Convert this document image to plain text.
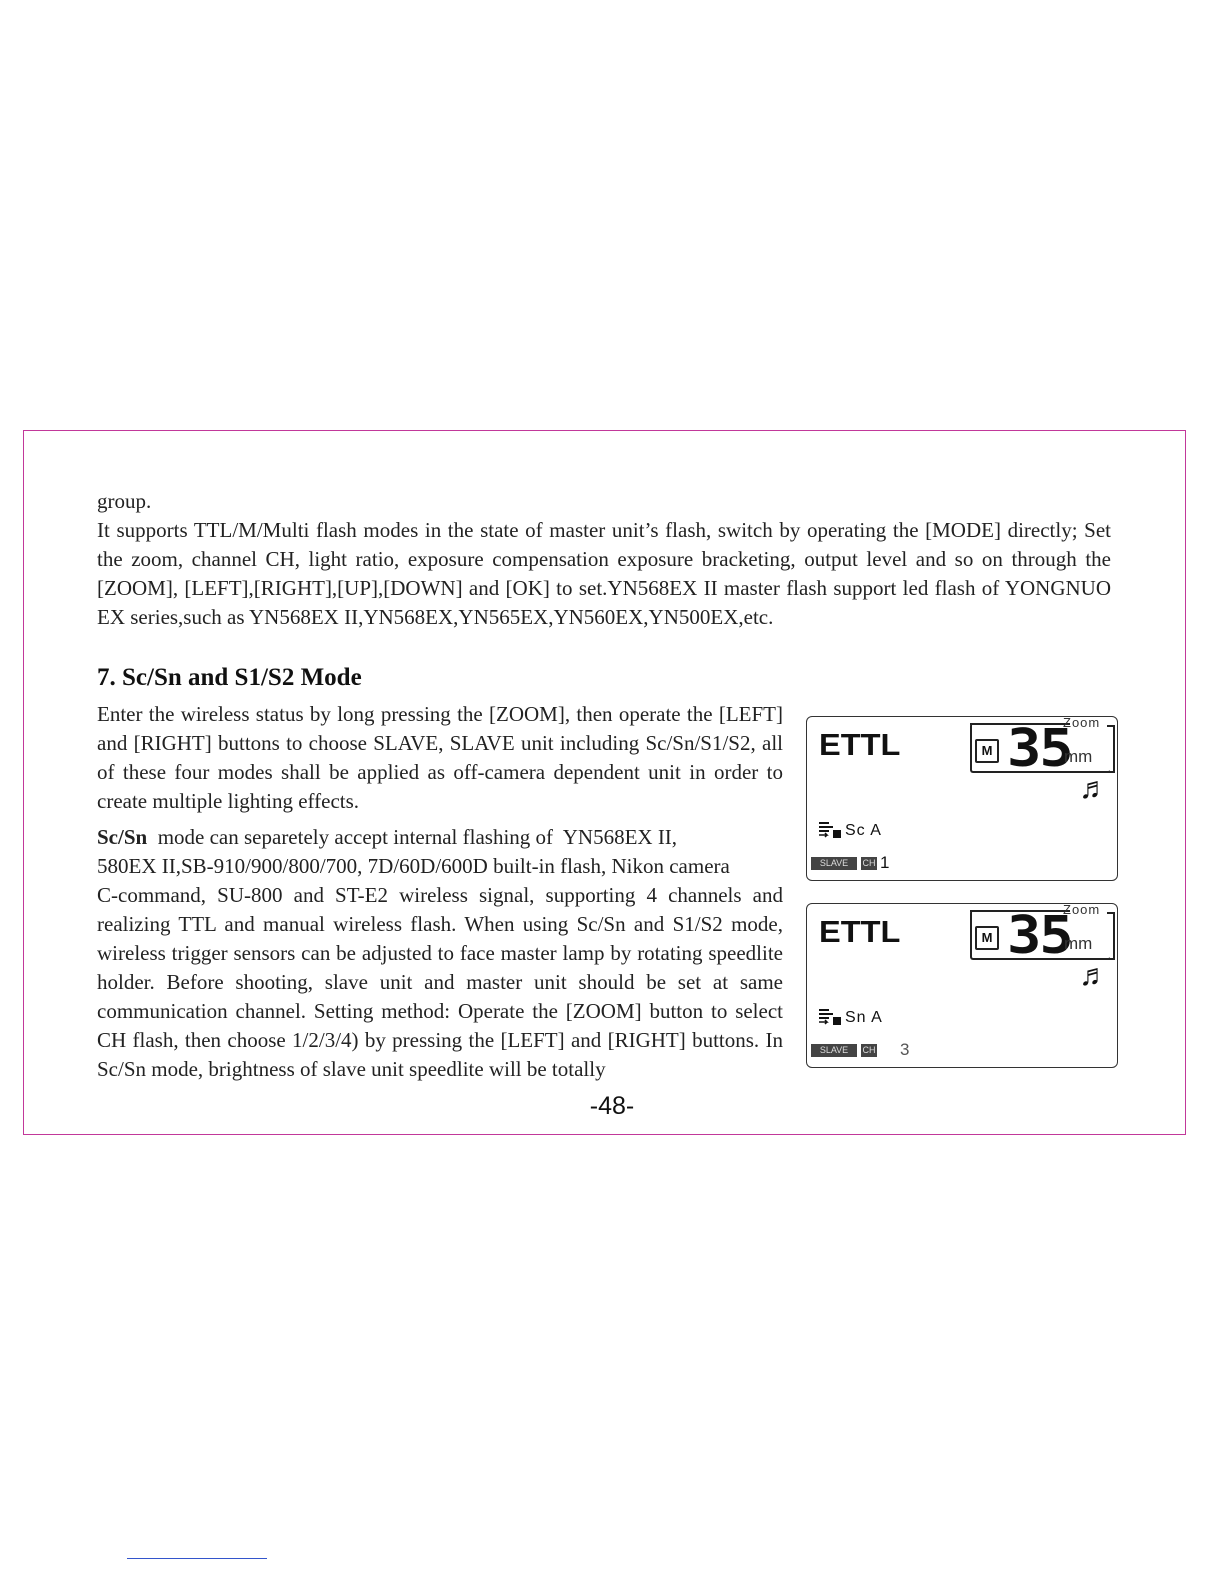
group.

It supports TTL/M/Multi flash modes in the state of master unit’s flash, switch by operating the [MODE] directly; Set the zoom, channel CH, light ratio, exposure compensation exposure bracketing, output level and so on through the [ZOOM], [LEFT],[RIGHT],[UP],[DOWN] and [OK] to set.YN568EX II master flash support led flash of YONGNUO EX series,such as YN568EX II,YN568EX,YN565EX,YN560EX,YN500EX,etc.

7. Sc/Sn and S1/S2 Mode

Enter the wireless status by long pressing the [ZOOM], then operate the [LEFT] and [RIGHT] buttons to choose SLAVE, SLAVE unit including Sc/Sn/S1/S2, all of these four modes shall be applied as off-camera dependent unit in order to create multiple lighting effects.

Sc/Sn  mode can separetely accept internal flashing of  YN568EX II,

580EX II,SB-910/900/800/700, 7D/60D/600D built-in flash, Nikon camera

C-command, SU-800 and ST-E2 wireless signal, supporting 4 channels and realizing TTL and manual wireless flash. When using Sc/Sn and S1/S2 mode, wireless trigger sensors can be adjusted to face master lamp by rotating speedlite holder. Before shooting, slave unit and master unit should be set at same communication channel. Setting method: Operate the [ZOOM] button to select CH flash, then choose 1/2/3/4) by pressing the [LEFT] and [RIGHT] buttons. In Sc/Sn mode, brightness of slave unit speedlite will be totally

ETTL
Zoom
M 35
mm
♬
Sc A
SLAVE	CH 1
ETTL
Zoom
M 35
mm
♬
Sn A
SLAVE	CH 3
-48-
